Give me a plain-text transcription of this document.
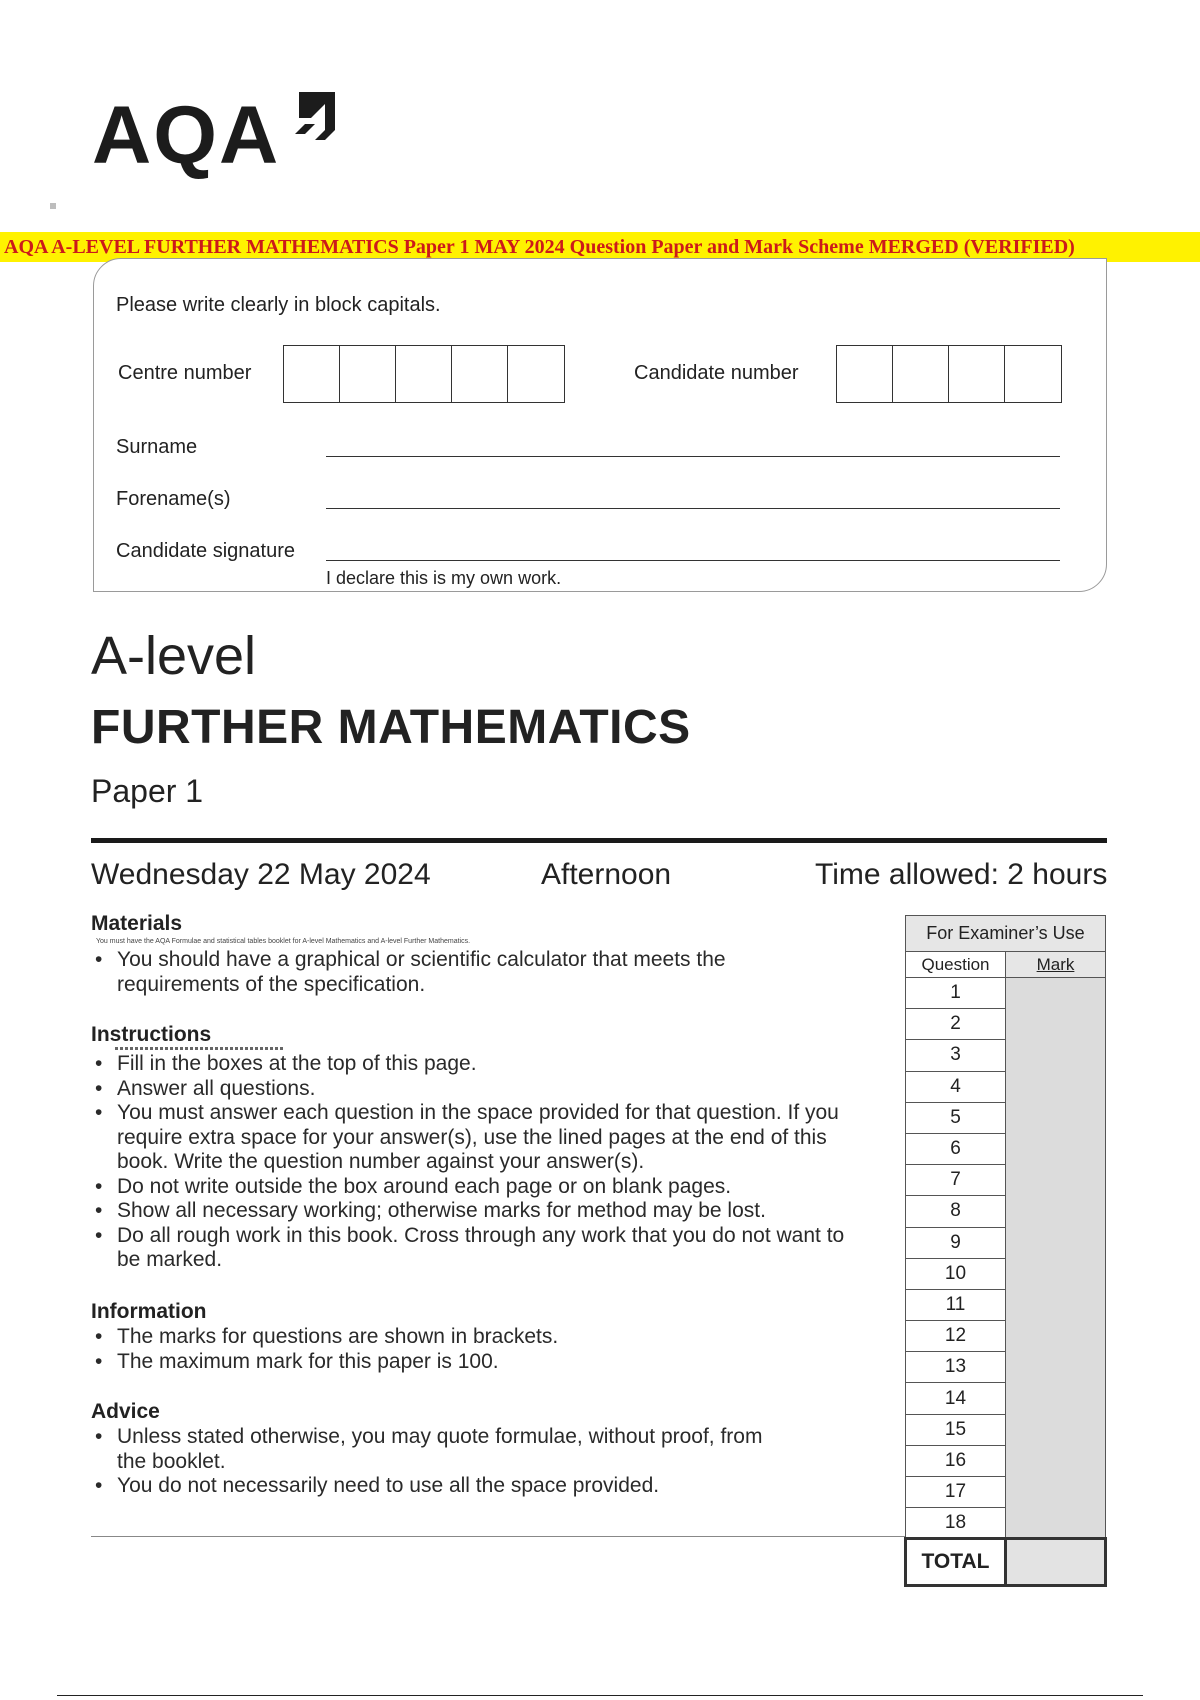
AQA
AQA A-LEVEL FURTHER MATHEMATICS Paper 1 MAY 2024 Question Paper and Mark Scheme MERGED (VERIFIED)
Please write clearly in block capitals.
Centre number	Candidate number
Surname
Forename(s)
Candidate signature
I declare this is my own work.
A-level
FURTHER MATHEMATICS
Paper 1
Wednesday 22 May 2024	Afternoon	Time allowed: 2 hours
Materials
You must have the AQA Formulae and statistical tables booklet for A-level Mathematics and A-level Further Mathematics.
• You should have a graphical or scientific calculator that meets the requirements of the specification.
Instructions
• Fill in the boxes at the top of this page.
• Answer all questions.
• You must answer each question in the space provided for that question. If you require extra space for your answer(s), use the lined pages at the end of this book. Write the question number against your answer(s).
• Do not write outside the box around each page or on blank pages.
• Show all necessary working; otherwise marks for method may be lost.
• Do all rough work in this book. Cross through any work that you do not want to be marked.
Information
• The marks for questions are shown in brackets.
• The maximum mark for this paper is 100.
Advice
• Unless stated otherwise, you may quote formulae, without proof, from the booklet.
• You do not necessarily need to use all the space provided.
For Examiner’s Use	
Question	Mark
1	
2	
3	
4	
5	
6	
7	
8	
9	
10	
11	
12	
13	
14	
15	
16	
17	
18	
TOTAL	
